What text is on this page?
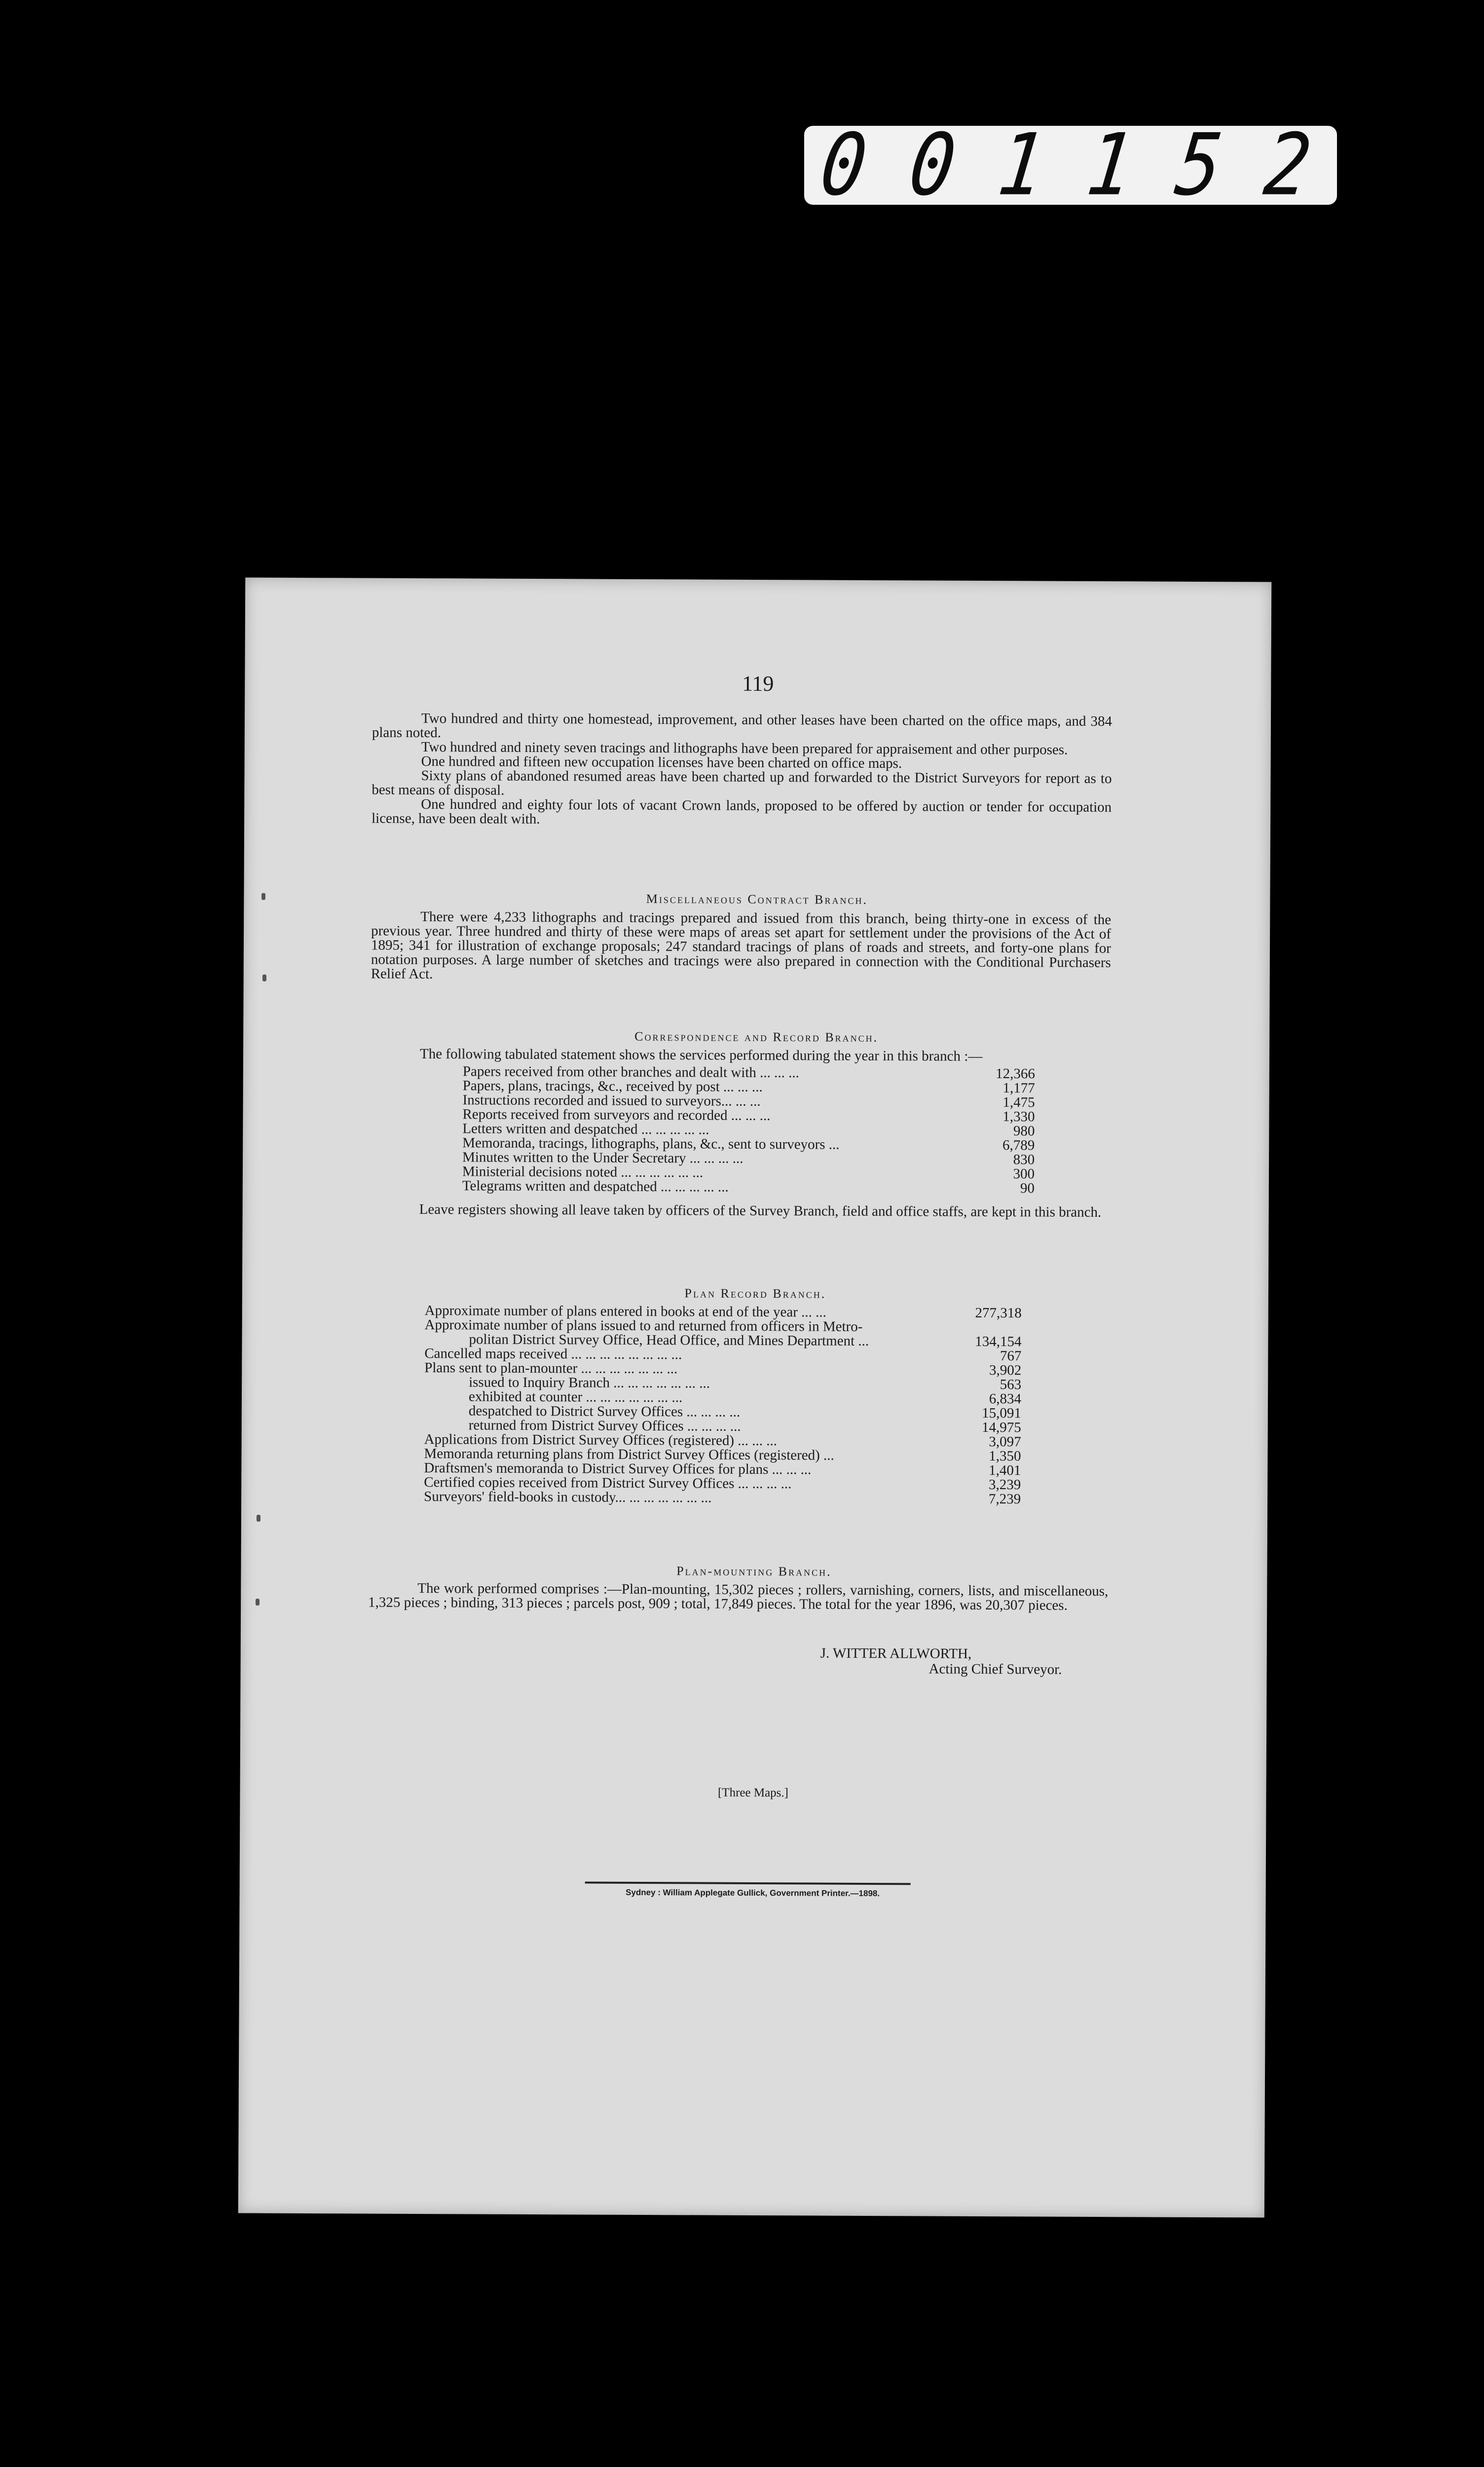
0 0 1 1 5 2
119

Two hundred and thirty one homestead, improvement, and other leases have been charted on the office maps, and 384 plans noted.

Two hundred and ninety seven tracings and lithographs have been prepared for appraisement and other purposes.

One hundred and fifteen new occupation licenses have been charted on office maps.

Sixty plans of abandoned resumed areas have been charted up and forwarded to the District Surveyors for report as to best means of disposal.

One hundred and eighty four lots of vacant Crown lands, proposed to be offered by auction or tender for occupation license, have been dealt with.

Miscellaneous Contract Branch.

There were 4,233 lithographs and tracings prepared and issued from this branch, being thirty-one in excess of the previous year. Three hundred and thirty of these were maps of areas set apart for settlement under the provisions of the Act of 1895; 341 for illustration of exchange proposals; 247 standard tracings of plans of roads and streets, and forty-one plans for notation purposes. A large number of sketches and tracings were also prepared in connection with the Conditional Purchasers Relief Act.

Correspondence and Record Branch.

The following tabulated statement shows the services performed during the year in this branch :—

Papers received from other branches and dealt with ... ... ...	12,366
Papers, plans, tracings, &c., received by post ... ... ...	1,177
Instructions recorded and issued to surveyors... ... ...	1,475
Reports received from surveyors and recorded ... ... ...	1,330
Letters written and despatched ... ... ... ... ...	980
Memoranda, tracings, lithographs, plans, &c., sent to surveyors ...	6,789
Minutes written to the Under Secretary ... ... ... ...	830
Ministerial decisions noted ... ... ... ... ... ...	300
Telegrams written and despatched ... ... ... ... ...	90

Leave registers showing all leave taken by officers of the Survey Branch, field and office staffs, are kept in this branch.

Plan Record Branch.
Approximate number of plans entered in books at end of the year ... ...	277,318
Approximate number of plans issued to and returned from officers in Metro-
politan District Survey Office, Head Office, and Mines Department ...	134,154
Cancelled maps received ... ... ... ... ... ... ... ...	767
Plans sent to plan-mounter ... ... ... ... ... ... ...	3,902
issued to Inquiry Branch ... ... ... ... ... ... ...	563
exhibited at counter ... ... ... ... ... ... ...	6,834
despatched to District Survey Offices ... ... ... ...	15,091
returned from District Survey Offices ... ... ... ...	14,975
Applications from District Survey Offices (registered) ... ... ...	3,097
Memoranda returning plans from District Survey Offices (registered) ...	1,350
Draftsmen's memoranda to District Survey Offices for plans ... ... ...	1,401
Certified copies received from District Survey Offices ... ... ... ...	3,239
Surveyors' field-books in custody... ... ... ... ... ... ...	7,239
Plan-mounting Branch.

The work performed comprises :—Plan-mounting, 15,302 pieces ; rollers, varnishing, corners, lists, and miscellaneous, 1,325 pieces ; binding, 313 pieces ; parcels post, 909 ; total, 17,849 pieces. The total for the year 1896, was 20,307 pieces.

J. WITTER ALLWORTH,
Acting Chief Surveyor.
[Three Maps.]
Sydney : William Applegate Gullick, Government Printer.—1898.
